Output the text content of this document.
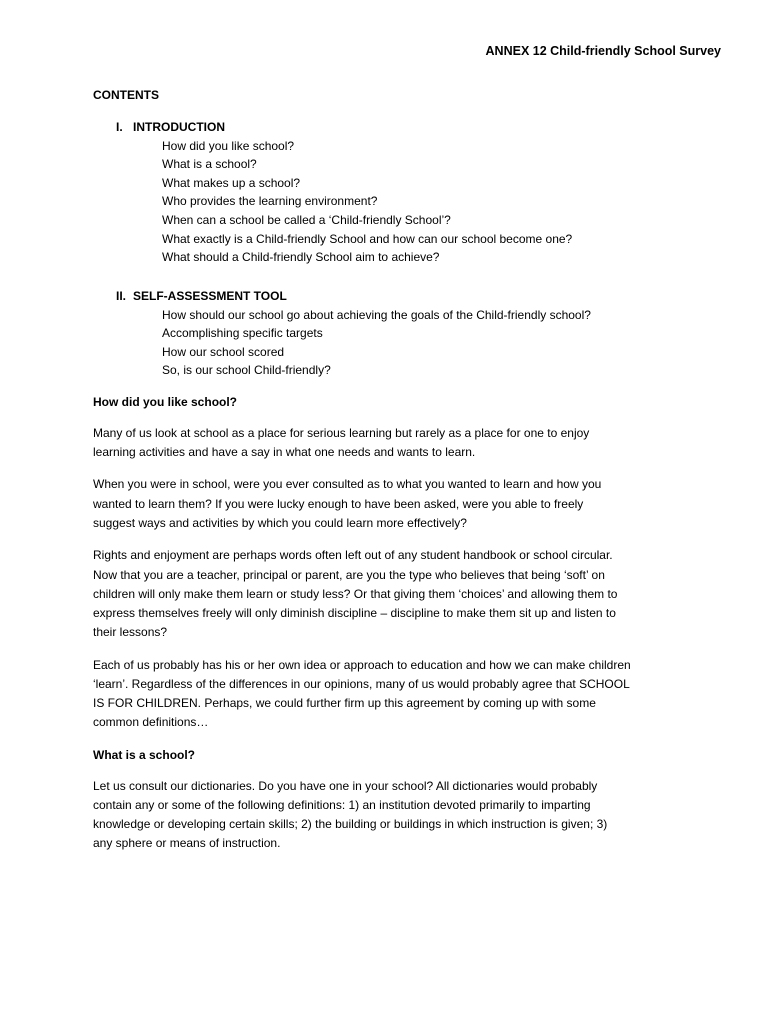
ANNEX 12 Child-friendly School Survey
CONTENTS
I. INTRODUCTION
How did you like school?
What is a school?
What makes up a school?
Who provides the learning environment?
When can a school be called a ‘Child-friendly School’?
What exactly is a Child-friendly School and how can our school become one?
What should a Child-friendly School aim to achieve?
II. SELF-ASSESSMENT TOOL
How should our school go about achieving the goals of the Child-friendly school?
Accomplishing specific targets
How our school scored
So, is our school Child-friendly?
How did you like school?

Many of us look at school as a place for serious learning but rarely as a place for one to enjoy
learning activities and have a say in what one needs and wants to learn.

When you were in school, were you ever consulted as to what you wanted to learn and how you
wanted to learn them? If you were lucky enough to have been asked, were you able to freely
suggest ways and activities by which you could learn more effectively?

Rights and enjoyment are perhaps words often left out of any student handbook or school circular.
Now that you are a teacher, principal or parent, are you the type who believes that being ‘soft’ on
children will only make them learn or study less? Or that giving them ‘choices’ and allowing them to
express themselves freely will only diminish discipline – discipline to make them sit up and listen to
their lessons?

Each of us probably has his or her own idea or approach to education and how we can make children
‘learn’. Regardless of the differences in our opinions, many of us would probably agree that SCHOOL
IS FOR CHILDREN. Perhaps, we could further firm up this agreement by coming up with some
common definitions…

What is a school?

Let us consult our dictionaries. Do you have one in your school? All dictionaries would probably
contain any or some of the following definitions: 1) an institution devoted primarily to imparting
knowledge or developing certain skills; 2) the building or buildings in which instruction is given; 3)
any sphere or means of instruction.
